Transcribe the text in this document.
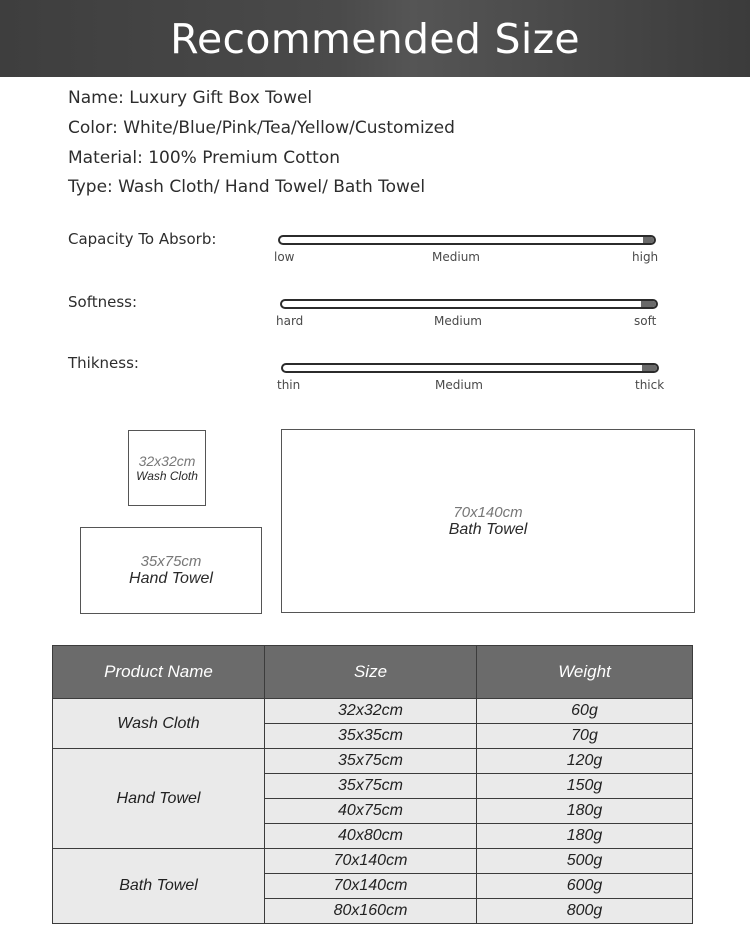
Recommended Size
Name: Luxury Gift Box Towel
Color: White/Blue/Pink/Tea/Yellow/Customized
Material: 100% Premium Cotton
Type: Wash Cloth/ Hand Towel/ Bath Towel
Capacity To Absorb:
low	Medium	high
Softness:
hard	Medium	soft
Thikness:
thin	Medium	thick
32x32cm
Wash Cloth
35x75cm
Hand Towel
70x140cm
Bath Towel
Product Name	Size	Weight
Wash Cloth	32x32cm	60g
	35x35cm	70g
Hand Towel	35x75cm	120g
	35x75cm	150g
	40x75cm	180g
	40x80cm	180g
Bath Towel	70x140cm	500g
	70x140cm	600g
	80x160cm	800g
